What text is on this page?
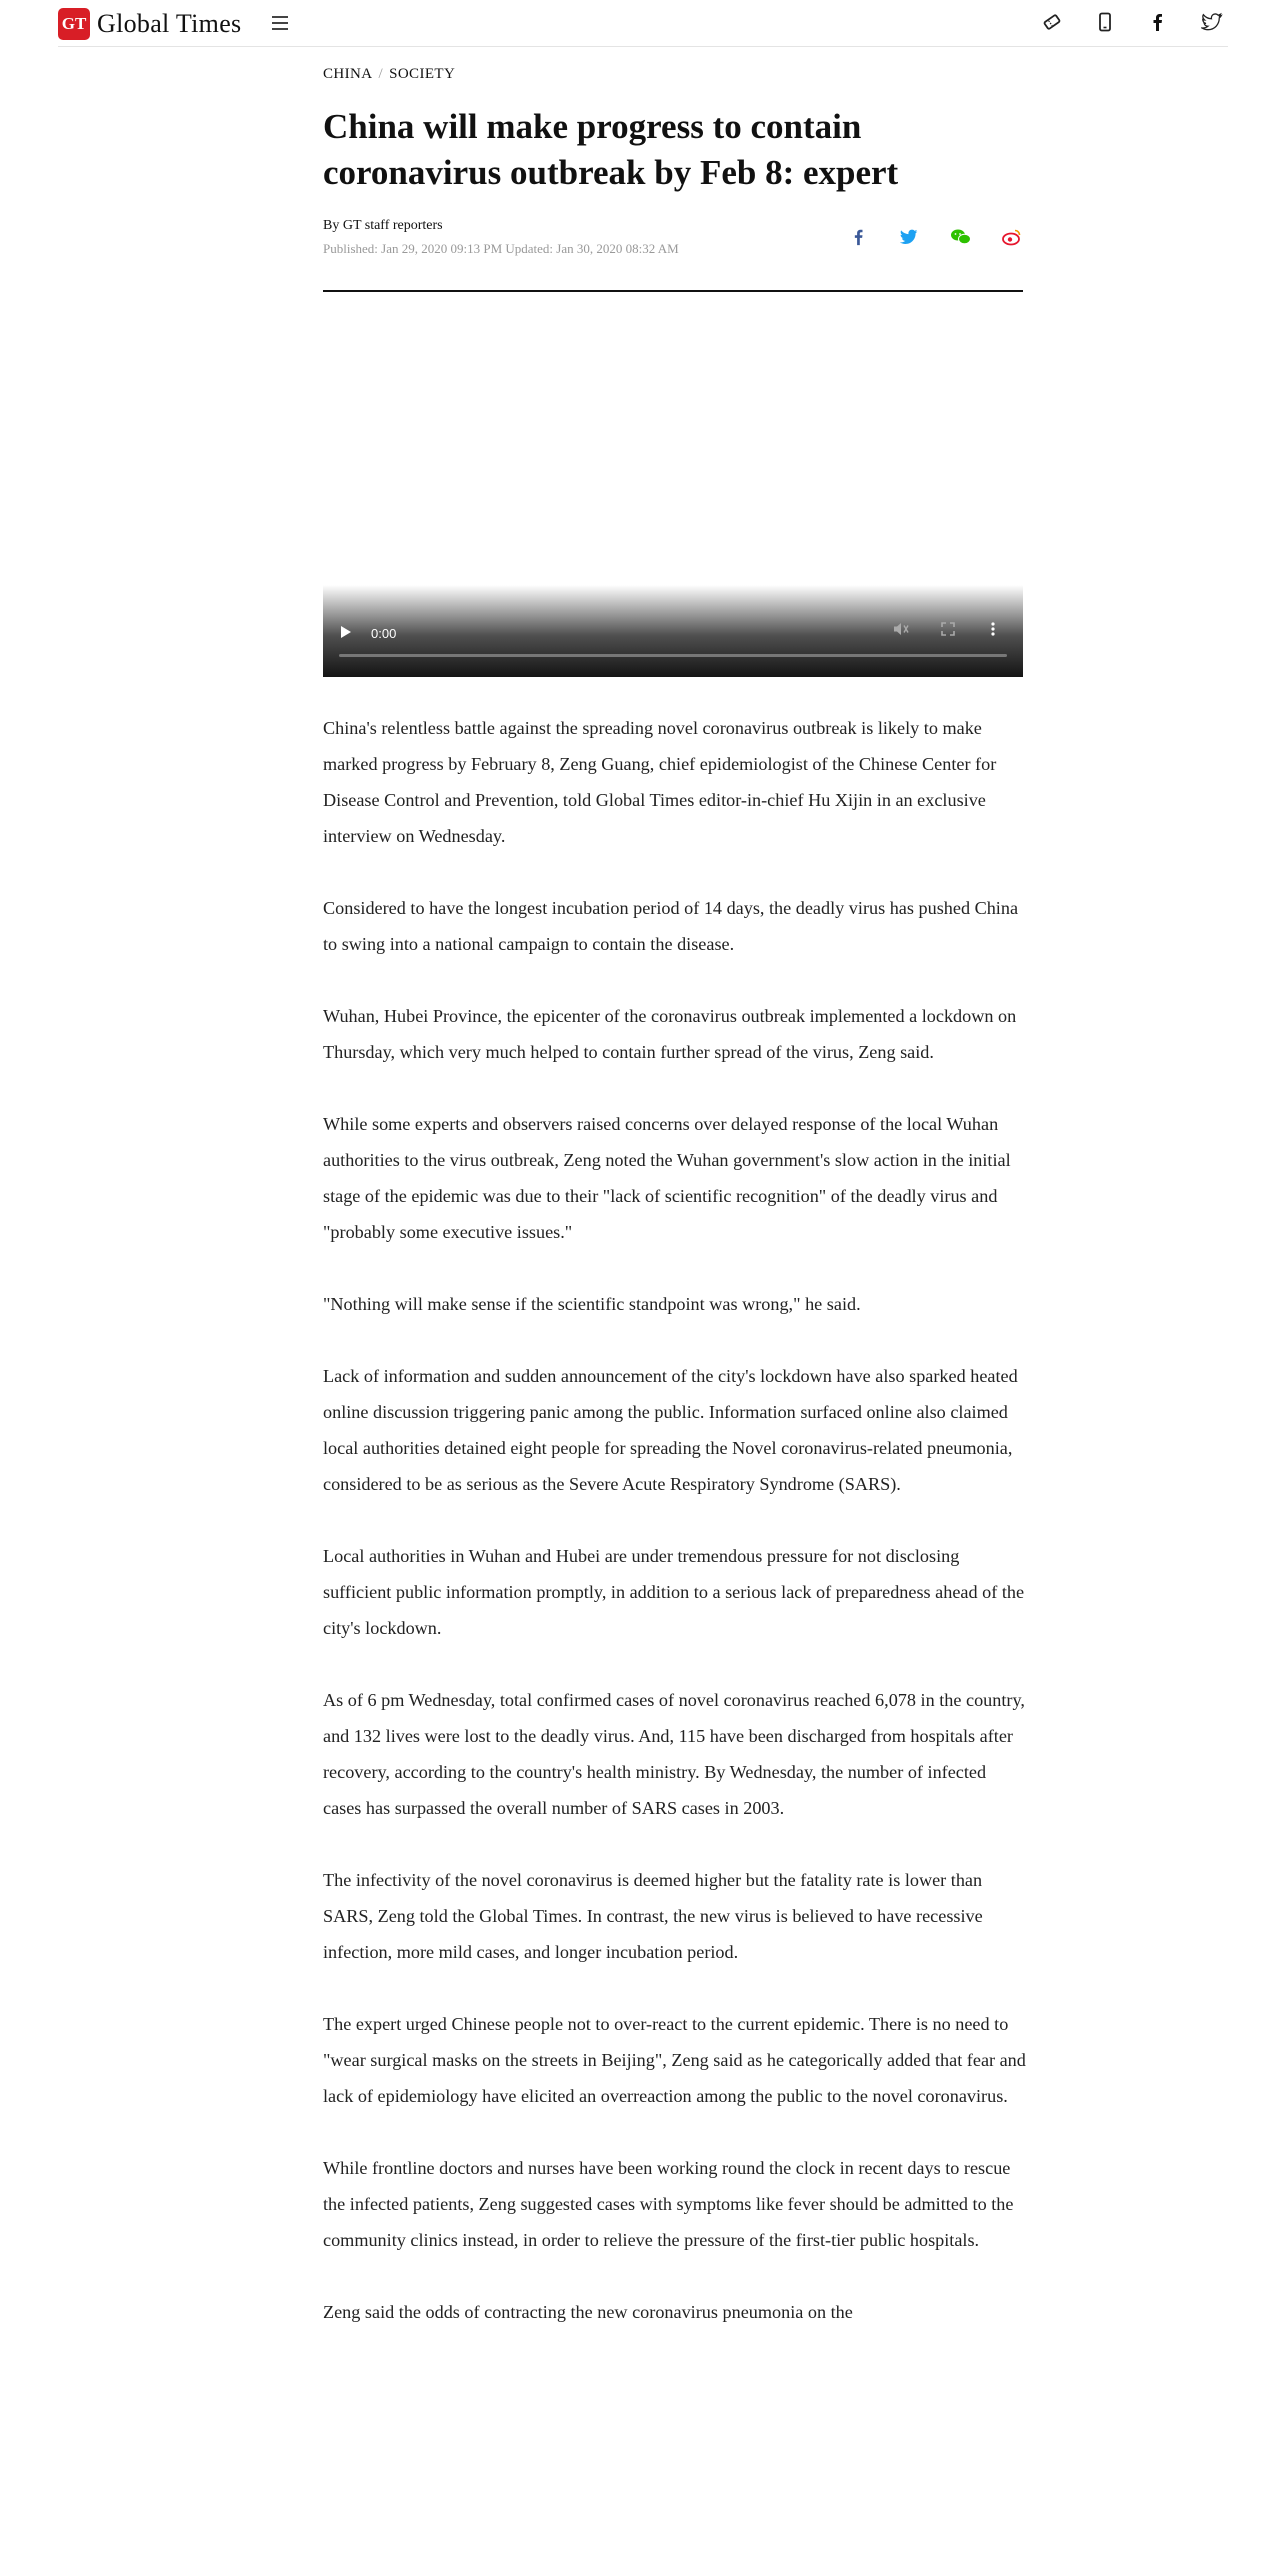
GT Global Times
CHINA / SOCIETY
China will make progress to contain coronavirus outbreak by Feb 8: expert
By GT staff reporters
Published: Jan 29, 2020 09:13 PM Updated: Jan 30, 2020 08:32 AM
0:00

China's relentless battle against the spreading novel coronavirus outbreak is likely to make marked progress by February 8, Zeng Guang, chief epidemiologist of the Chinese Center for Disease Control and Prevention, told Global Times editor-in-chief Hu Xijin in an exclusive interview on Wednesday.

Considered to have the longest incubation period of 14 days, the deadly virus has pushed China to swing into a national campaign to contain the disease.

Wuhan, Hubei Province, the epicenter of the coronavirus outbreak implemented a lockdown on Thursday, which very much helped to contain further spread of the virus, Zeng said.

While some experts and observers raised concerns over delayed response of the local Wuhan authorities to the virus outbreak, Zeng noted the Wuhan government's slow action in the initial stage of the epidemic was due to their "lack of scientific recognition" of the deadly virus and "probably some executive issues."

"Nothing will make sense if the scientific standpoint was wrong," he said.

Lack of information and sudden announcement of the city's lockdown have also sparked heated online discussion triggering panic among the public. Information surfaced online also claimed local authorities detained eight people for spreading the Novel coronavirus-related pneumonia, considered to be as serious as the Severe Acute Respiratory Syndrome (SARS).

Local authorities in Wuhan and Hubei are under tremendous pressure for not disclosing sufficient public information promptly, in addition to a serious lack of preparedness ahead of the city's lockdown.

As of 6 pm Wednesday, total confirmed cases of novel coronavirus reached 6,078 in the country, and 132 lives were lost to the deadly virus. And, 115 have been discharged from hospitals after recovery, according to the country's health ministry. By Wednesday, the number of infected cases has surpassed the overall number of SARS cases in 2003.

The infectivity of the novel coronavirus is deemed higher but the fatality rate is lower than SARS, Zeng told the Global Times. In contrast, the new virus is believed to have recessive infection, more mild cases, and longer incubation period.

The expert urged Chinese people not to over-react to the current epidemic. There is no need to "wear surgical masks on the streets in Beijing", Zeng said as he categorically added that fear and lack of epidemiology have elicited an overreaction among the public to the novel coronavirus.

While frontline doctors and nurses have been working round the clock in recent days to rescue the infected patients, Zeng suggested cases with symptoms like fever should be admitted to the community clinics instead, in order to relieve the pressure of the first-tier public hospitals.

Zeng said the odds of contracting the new coronavirus pneumonia on the
